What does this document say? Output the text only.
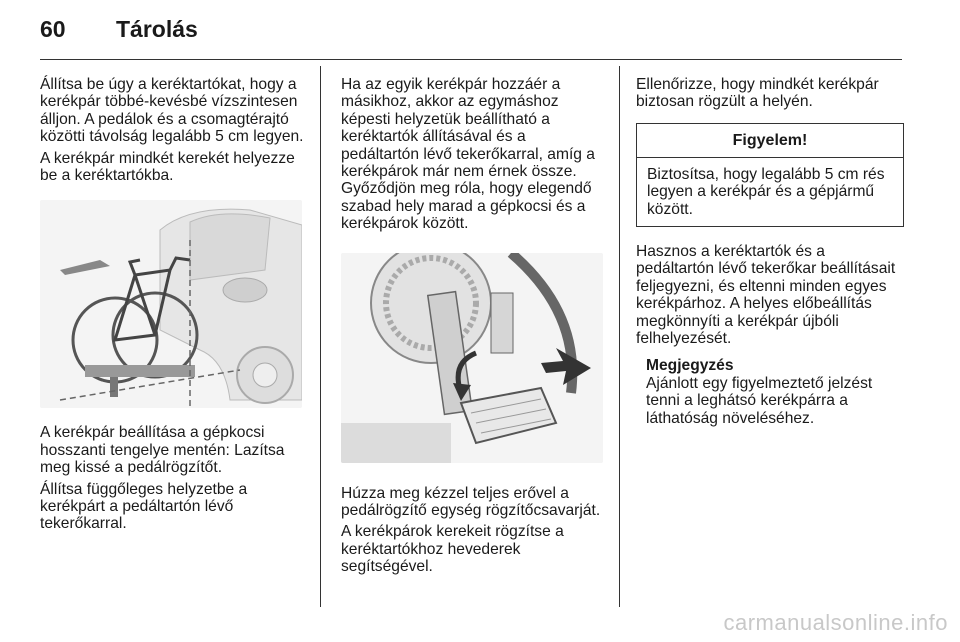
60 Tárolás

Állítsa be úgy a keréktartókat, hogy a kerékpár többé-kevésbé vízszintesen álljon. A pedálok és a csomagtérajtó közötti távolság legalább 5 cm legyen.

A kerékpár mindkét kerekét helyezze be a keréktartókba.

A kerékpár beállítása a gépkocsi hosszanti tengelye mentén: Lazítsa meg kissé a pedálrögzítőt.

Állítsa függőleges helyzetbe a kerékpárt a pedáltartón lévő tekerőkarral.

Ha az egyik kerékpár hozzáér a másikhoz, akkor az egymáshoz képesti helyzetük beállítható a keréktartók állításával és a pedáltartón lévő tekerőkarral, amíg a kerékpárok már nem érnek össze. Győződjön meg róla, hogy elegendő szabad hely marad a gépkocsi és a kerékpárok között.

Húzza meg kézzel teljes erővel a pedálrögzítő egység rögzítőcsavarját.

A kerékpárok kerekeit rögzítse a keréktartókhoz hevederek segítségével.

Ellenőrizze, hogy mindkét kerékpár biztosan rögzült a helyén.

Figyelem!
Biztosítsa, hogy legalább 5 cm rés legyen a kerékpár és a gépjármű között.

Hasznos a keréktartók és a pedáltartón lévő tekerőkar beállításait feljegyezni, és eltenni minden egyes kerékpárhoz. A helyes előbeállítás megkönnyíti a kerékpár újbóli felhelyezését.

Megjegyzés

Ajánlott egy figyelmeztető jelzést tenni a leghátsó kerékpárra a láthatóság növeléséhez.

carmanualsonline.info
